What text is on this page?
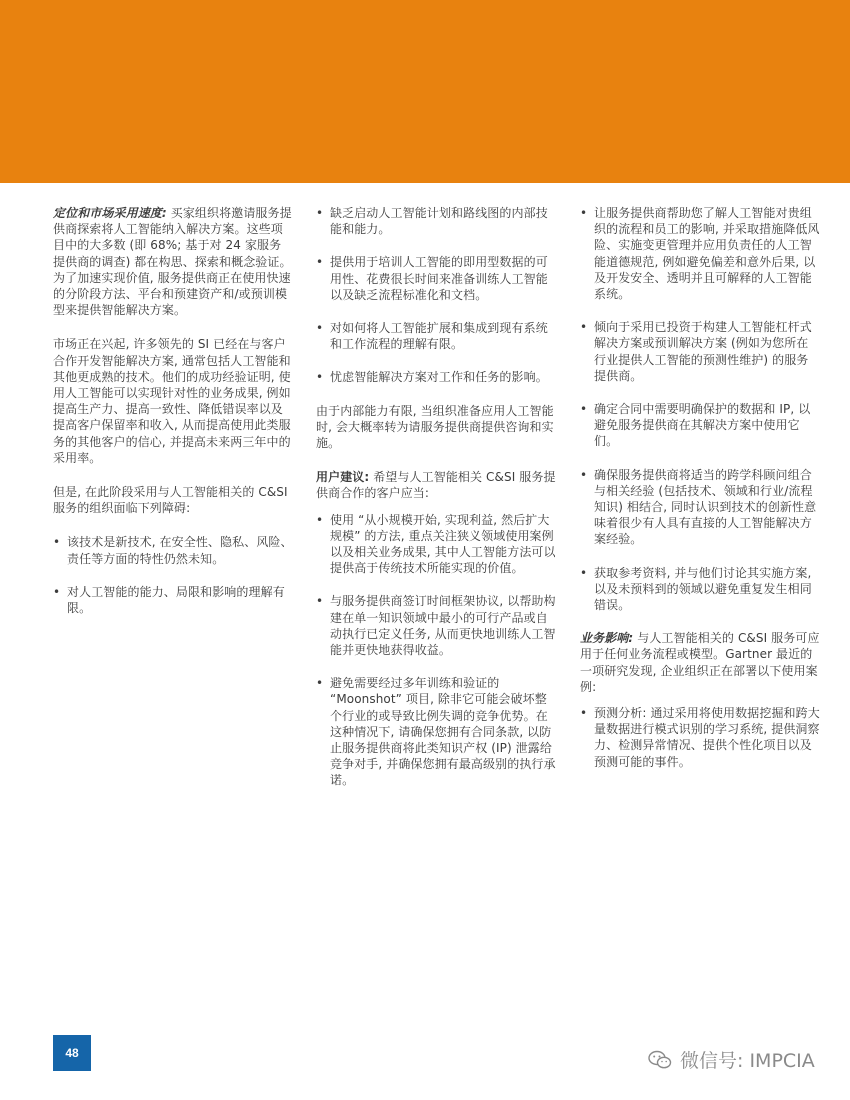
定位和市场采用速度: 买家组织将邀请服务提供商探索将人工智能纳入解决方案。这些项目中的大多数 (即 68%; 基于对 24 家服务提供商的调查) 都在构思、探索和概念验证。为了加速实现价值, 服务提供商正在使用快速的分阶段方法、平台和预建资产和/或预训模型来提供智能解决方案。

市场正在兴起, 许多领先的 SI 已经在与客户合作开发智能解决方案, 通常包括人工智能和其他更成熟的技术。他们的成功经验证明, 使用人工智能可以实现针对性的业务成果, 例如提高生产力、提高一致性、降低错误率以及提高客户保留率和收入, 从而提高使用此类服务的其他客户的信心, 并提高未来两三年中的采用率。

但是, 在此阶段采用与人工智能相关的 C&SI 服务的组织面临下列障碍:

• 该技术是新技术, 在安全性、隐私、风险、责任等方面的特性仍然未知。
• 对人工智能的能力、局限和影响的理解有限。
• 缺乏启动人工智能计划和路线图的内部技能和能力。
• 提供用于培训人工智能的即用型数据的可用性、花费很长时间来准备训练人工智能以及缺乏流程标准化和文档。
• 对如何将人工智能扩展和集成到现有系统和工作流程的理解有限。
• 忧虑智能解决方案对工作和任务的影响。

由于内部能力有限, 当组织准备应用人工智能时, 会大概率转为请服务提供商提供咨询和实施。

用户建议: 希望与人工智能相关 C&SI 服务提供商合作的客户应当:

• 使用 “从小规模开始, 实现利益, 然后扩大规模” 的方法, 重点关注狭义领域使用案例以及相关业务成果, 其中人工智能方法可以提供高于传统技术所能实现的价值。
• 与服务提供商签订时间框架协议, 以帮助构建在单一知识领域中最小的可行产品或自动执行已定义任务, 从而更快地训练人工智能并更快地获得收益。
• 避免需要经过多年训练和验证的 “Moonshot” 项目, 除非它可能会破坏整个行业的或导致比例失调的竞争优势。在这种情况下, 请确保您拥有合同条款, 以防止服务提供商将此类知识产权 (IP) 泄露给竞争对手, 并确保您拥有最高级别的执行承诺。
• 让服务提供商帮助您了解人工智能对贵组织的流程和员工的影响, 并采取措施降低风险、实施变更管理并应用负责任的人工智能道德规范, 例如避免偏差和意外后果, 以及开发安全、透明并且可解释的人工智能系统。
• 倾向于采用已投资于构建人工智能杠杆式解决方案或预训解决方案 (例如为您所在行业提供人工智能的预测性维护) 的服务提供商。
• 确定合同中需要明确保护的数据和 IP, 以避免服务提供商在其解决方案中使用它们。
• 确保服务提供商将适当的跨学科顾问组合与相关经验 (包括技术、领域和行业/流程知识) 相结合, 同时认识到技术的创新性意味着很少有人具有直接的人工智能解决方案经验。
• 获取参考资料, 并与他们讨论其实施方案, 以及未预料到的领域以避免重复发生相同错误。

业务影响: 与人工智能相关的 C&SI 服务可应用于任何业务流程或模型。Gartner 最近的一项研究发现, 企业组织正在部署以下使用案例:

• 预测分析: 通过采用将使用数据挖掘和跨大量数据进行模式识别的学习系统, 提供洞察力、检测异常情况、提供个性化项目以及预测可能的事件。
48	微信号: IMPCIA
